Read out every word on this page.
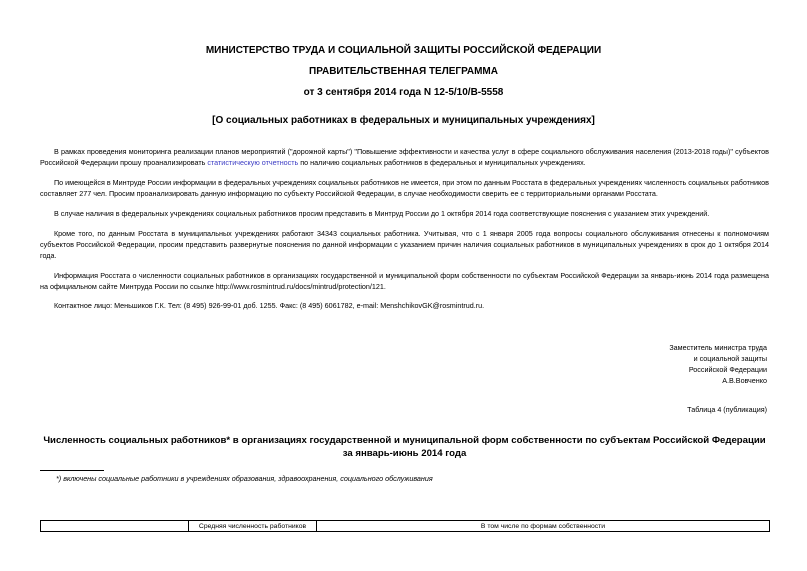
МИНИСТЕРСТВО ТРУДА И СОЦИАЛЬНОЙ ЗАЩИТЫ РОССИЙСКОЙ ФЕДЕРАЦИИ
ПРАВИТЕЛЬСТВЕННАЯ ТЕЛЕГРАММА
от 3 сентября 2014 года N 12-5/10/В-5558
[О социальных работниках в федеральных и муниципальных учреждениях]
В рамках проведения мониторинга реализации планов мероприятий ("дорожной карты") "Повышение эффективности и качества услуг в сфере социального обслуживания населения (2013-2018 годы)" субъектов Российской Федерации прошу проанализировать статистическую отчетность по наличию социальных работников в федеральных и муниципальных учреждениях.
По имеющейся в Минтруде России информации в федеральных учреждениях социальных работников не имеется, при этом по данным Росстата в федеральных учреждениях численность социальных работников составляет 277 чел. Просим проанализировать данную информацию по субъекту Российской Федерации, в случае необходимости сверить ее с территориальными органами Росстата.
В случае наличия в федеральных учреждениях социальных работников просим представить в Минтруд России до 1 октября 2014 года соответствующие пояснения с указанием этих учреждений.
Кроме того, по данным Росстата в муниципальных учреждениях работают 34343 социальных работника. Учитывая, что с 1 января 2005 года вопросы социального обслуживания отнесены к полномочиям субъектов Российской Федерации, просим представить развернутые пояснения по данной информации с указанием причин наличия социальных работников в муниципальных учреждениях в срок до 1 октября 2014 года.
Информация Росстата о численности социальных работников в организациях государственной и муниципальной форм собственности по субъектам Российской Федерации за январь-июнь 2014 года размещена на официальном сайте Минтруда России по ссылке http://www.rosmintrud.ru/docs/mintrud/protection/121.
Контактное лицо: Меньшиков Г.К. Тел: (8 495) 926-99-01 доб. 1255. Факс: (8 495) 6061782, e-mail: MenshchikovGK@rosmintrud.ru.
Заместитель министра труда
и социальной защиты
Российской Федерации
А.В.Вовченко
Таблица 4 (публикация)
Численность социальных работников* в организациях государственной и муниципальной форм собственности по субъектам Российской Федерации за январь-июнь 2014 года
*) включены социальные работники в учреждениях образования, здравоохранения, социального обслуживания
	Средняя численность работников	В том числе по формам собственности
